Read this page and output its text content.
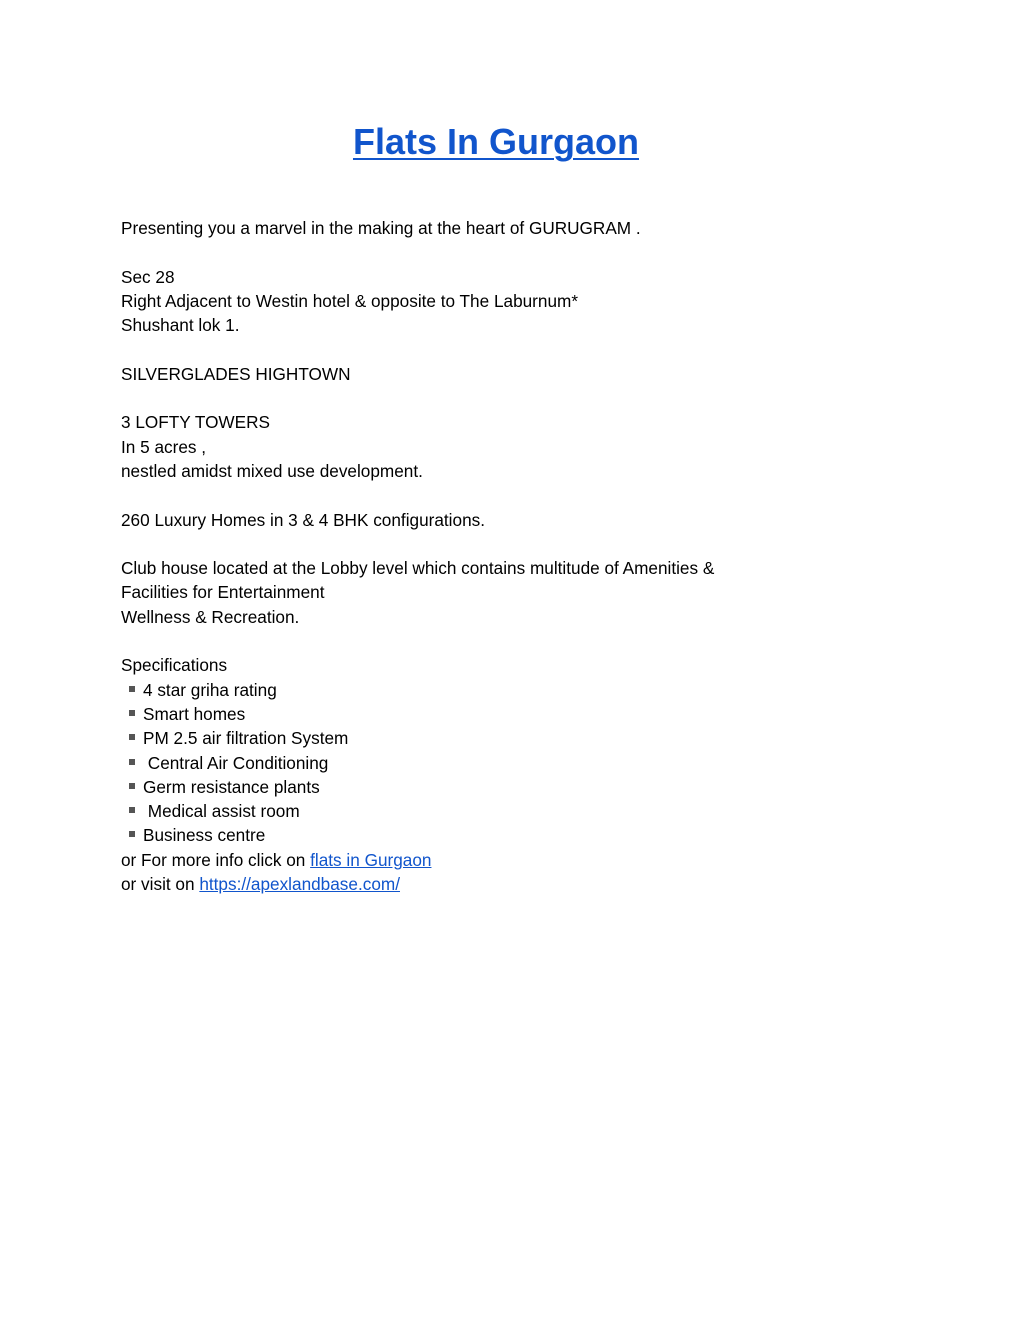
Flats In Gurgaon
Presenting you a marvel in the making at the heart of GURUGRAM .
Sec 28
Right Adjacent to Westin hotel & opposite to The Laburnum*
Shushant lok 1.
SILVERGLADES HIGHTOWN
3 LOFTY TOWERS
In 5 acres ,
nestled amidst mixed use development.
260 Luxury Homes in 3 & 4 BHK configurations.
Club house located at the Lobby level which contains multitude of Amenities &
Facilities for Entertainment
Wellness & Recreation.
Specifications
4 star griha rating
Smart homes
PM 2.5 air filtration System
Central Air Conditioning
Germ resistance plants
Medical assist room
Business centre
or For more info click on flats in Gurgaon
or visit on https://apexlandbase.com/
